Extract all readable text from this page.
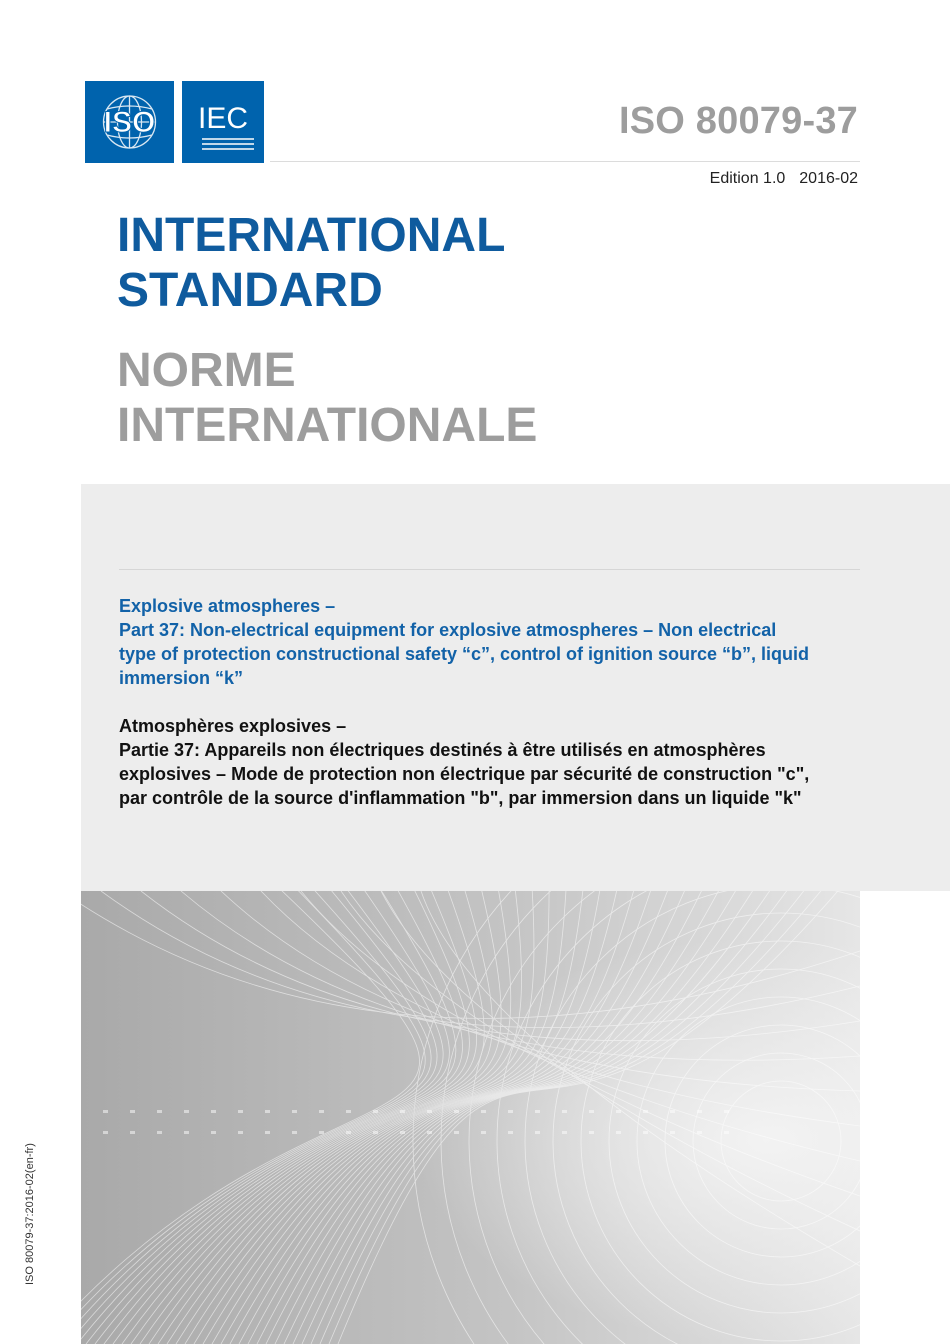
ISO IEC	ISO 80079-37
Edition 1.0 2016-02
INTERNATIONAL
STANDARD
NORME
INTERNATIONALE
Explosive atmospheres –
Part 37: Non-electrical equipment for explosive atmospheres – Non electrical
type of protection constructional safety “c”, control of ignition source “b”, liquid
immersion “k”
Atmosphères explosives –
Partie 37: Appareils non électriques destinés à être utilisés en atmosphères
explosives – Mode de protection non électrique par sécurité de construction "c",
par contrôle de la source d'inflammation "b", par immersion dans un liquide "k"
ISO 80079-37:2016-02(en-fr)
